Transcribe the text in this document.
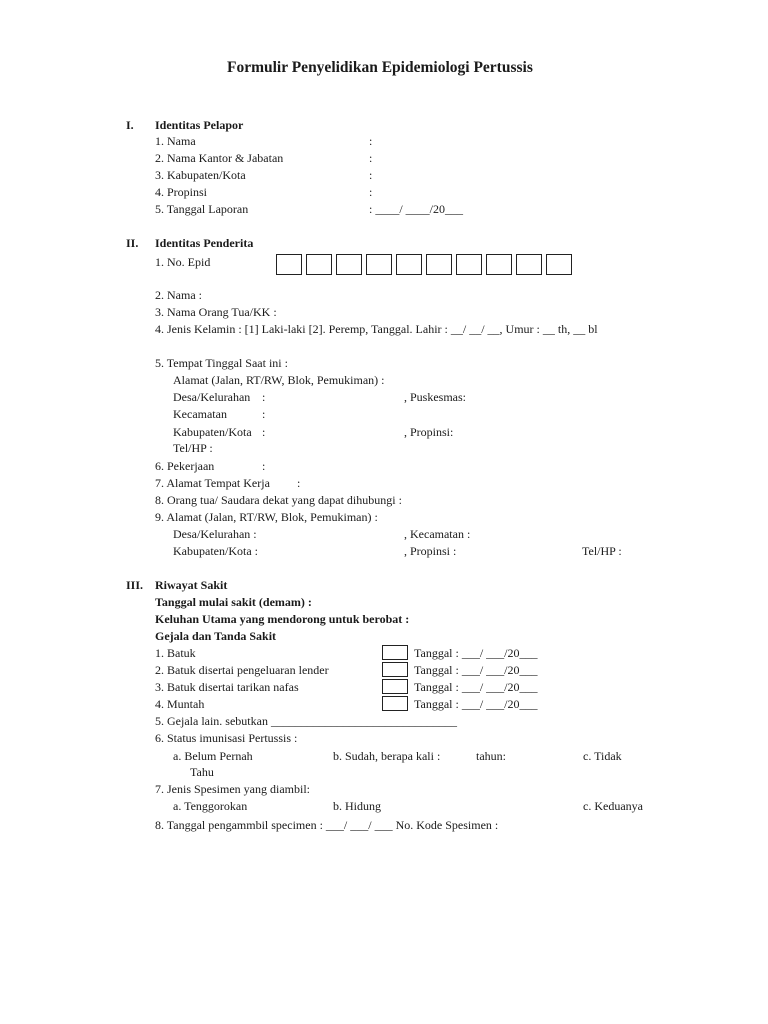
Formulir Penyelidikan Epidemiologi Pertussis
I. Identitas Pelapor
1. Nama	:
2. Nama Kantor & Jabatan	:
3. Kabupaten/Kota	:
4. Propinsi	:
5. Tanggal Laporan	: ____/ ____/20___
II. Identitas Penderita
1. No. Epid
2. Nama :
3. Nama Orang Tua/KK :
4. Jenis Kelamin : [1] Laki-laki [2]. Peremp, Tanggal. Lahir : __/ __/ __, Umur : __ th, __ bl
5. Tempat Tinggal Saat ini :
Alamat (Jalan, RT/RW, Blok, Pemukiman) :
Desa/Kelurahan :	, Puskesmas:
Kecamatan	:
Kabupaten/Kota :	, Propinsi:
Tel/HP :
6. Pekerjaan	:
7. Alamat Tempat Kerja :
8. Orang tua/ Saudara dekat yang dapat dihubungi :
9. Alamat (Jalan, RT/RW, Blok, Pemukiman) :
Desa/Kelurahan :	, Kecamatan :
Kabupaten/Kota :	, Propinsi :	Tel/HP :
III. Riwayat Sakit
Tanggal mulai sakit (demam) :
Keluhan Utama yang mendorong untuk berobat :
Gejala dan Tanda Sakit
1. Batuk	Tanggal : ___/ ___/20___
2. Batuk disertai pengeluaran lender	Tanggal : ___/ ___/20___
3. Batuk disertai tarikan nafas	Tanggal : ___/ ___/20___
4. Muntah	Tanggal : ___/ ___/20___
5. Gejala lain. sebutkan _______________________________
6. Status imunisasi Pertussis :
a. Belum Pernah	b. Sudah, berapa kali :	tahun:	c. Tidak
Tahu
7. Jenis Spesimen yang diambil:
a. Tenggorokan	b. Hidung	c. Keduanya
8. Tanggal pengammbil specimen : ___/ ___/ ___ No. Kode Spesimen :
